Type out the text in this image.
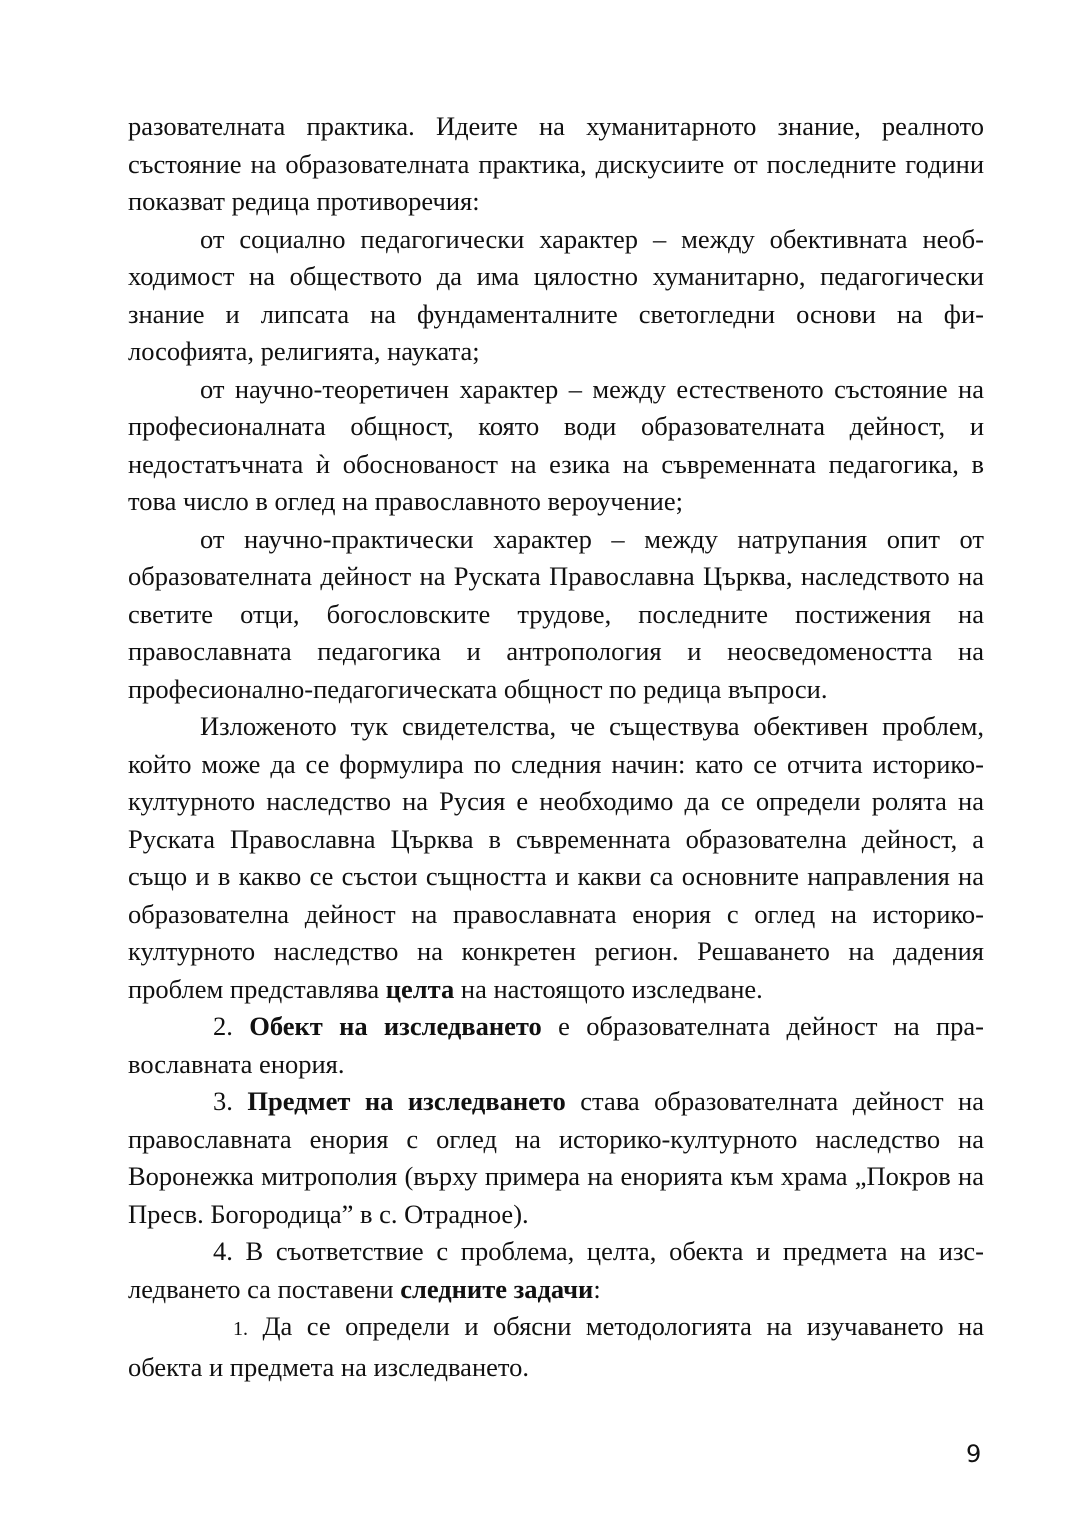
разователната практика. Идеите на хуманитарното знание, реалното състояние на образователната практика, дискусиите от последните години показват редица противоречия:

от социално педагогически характер – между обективната необходимост на обществото да има цялостно хуманитарно, педагогически знание и липсата на фундаменталните светогледни основи на философията, религията, науката;

от научно-теоретичен характер – между естественото състояние на професионалната общност, която води образователната дейност, и недостатъчната ѝ обоснованост на езика на съвременната педагогика, в това число в оглед на православното вероучение;

от научно-практически характер – между натрупания опит от образователната дейност на Руската Православна Църква, наследството на светите отци, богословските трудове, последните постижения на православната педагогика и антропология и неосведомеността на професионално-педагогическата общност по редица въпроси.

Изложеното тук свидетелства, че съществува обективен проблем, който може да се формулира по следния начин: като се отчита историко-културното наследство на Русия е необходимо да се определи ролята на Руската Православна Църква в съвременната образователна дейност, а също и в какво се състои същността и какви са основните направления на образователна дейност на православната енория с оглед на историко-културното наследство на конкретен регион. Решаването на дадения проблем представлява целта на настоящото изследване.

2. Обект на изследването е образователната дейност на православната енория.

3. Предмет на изследването става образователната дейност на православната енория с оглед на историко-културното наследство на Воронежка митрополия (върху примера на енорията към храма „Покров на Пресв. Богородица” в с. Отрадное).

4. В съответствие с проблема, целта, обекта и предмета на изследването са поставени следните задачи:

1. Да се определи и обясни методологията на изучаването на обекта и предмета на изследването.

9
